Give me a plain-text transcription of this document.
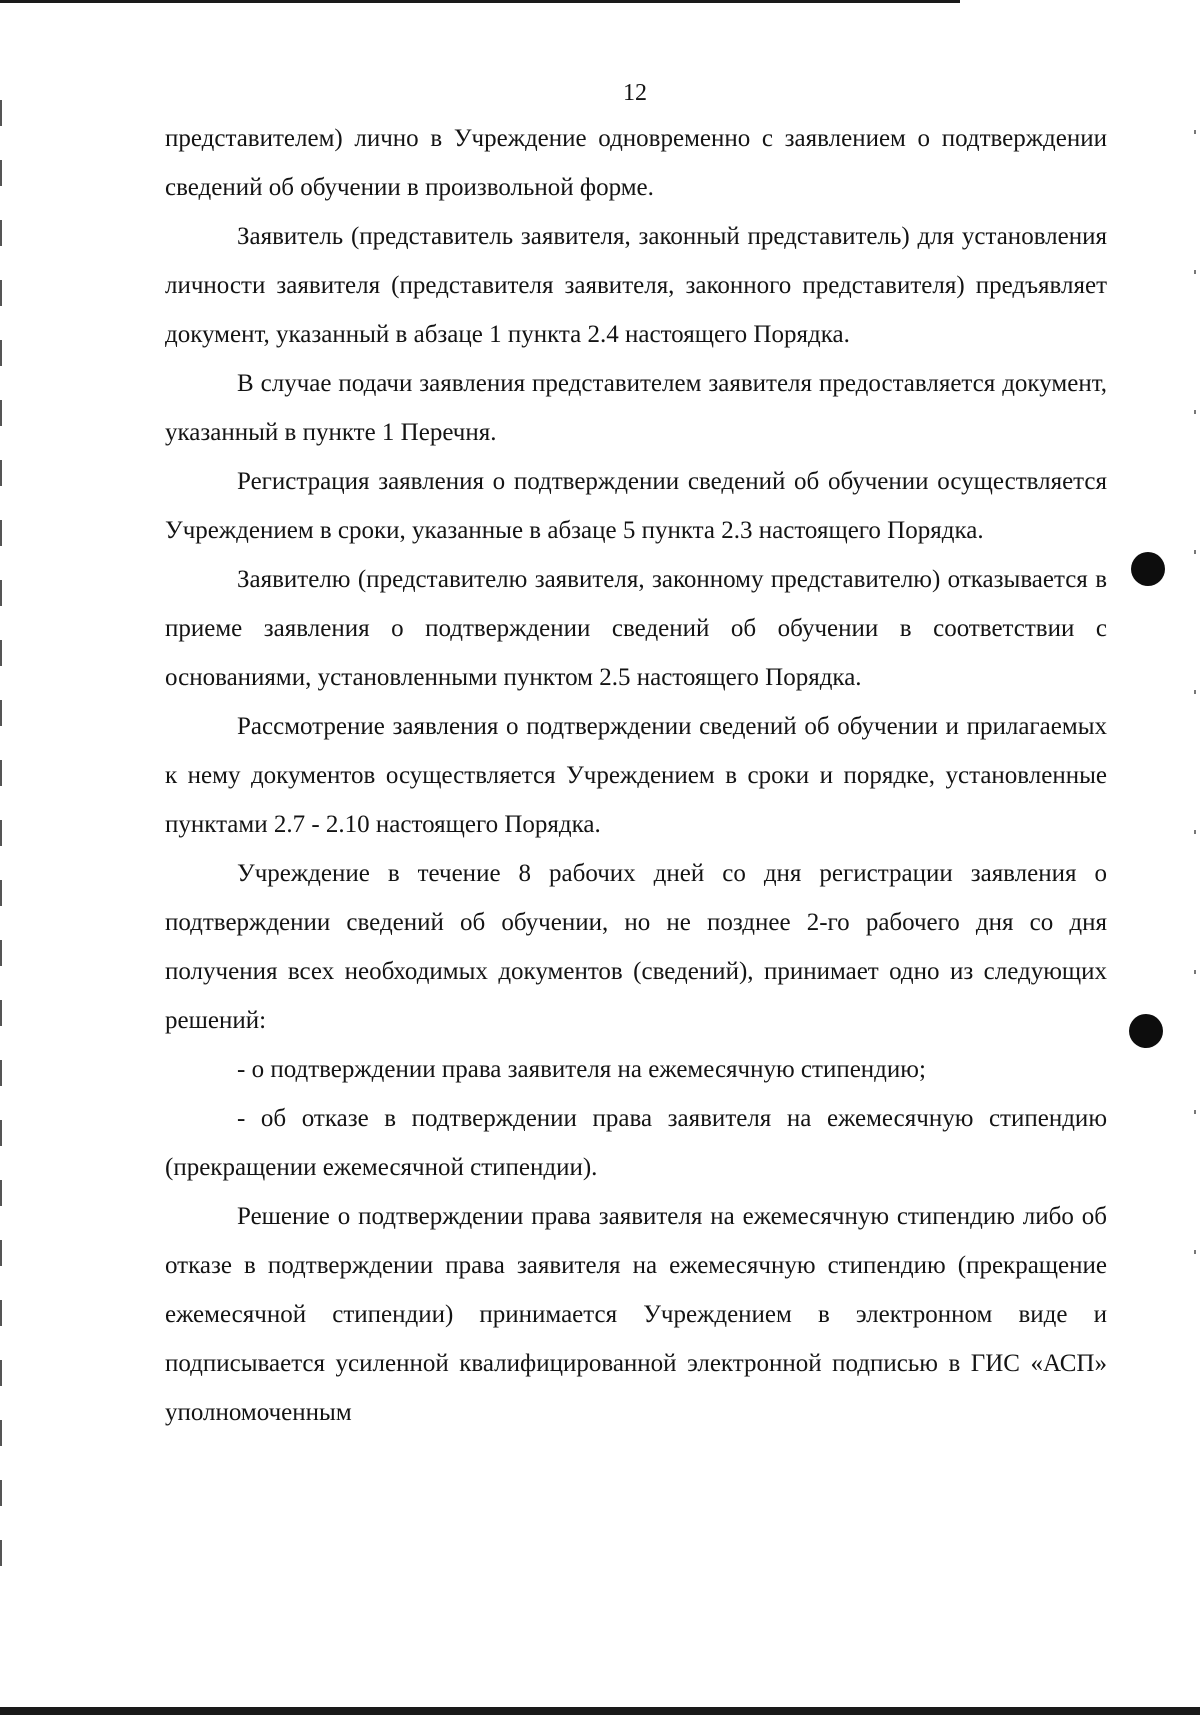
12

представителем) лично в Учреждение одновременно с заявлением о подтверждении сведений об обучении в произвольной форме.

Заявитель (представитель заявителя, законный представитель) для установления личности заявителя (представителя заявителя, законного представителя) предъявляет документ, указанный в абзаце 1 пункта 2.4 настоящего Порядка.

В случае подачи заявления представителем заявителя предоставляется документ, указанный в пункте 1 Перечня.

Регистрация заявления о подтверждении сведений об обучении осуществляется Учреждением в сроки, указанные в абзаце 5 пункта 2.3 настоящего Порядка.

Заявителю (представителю заявителя, законному представителю) отказывается в приеме заявления о подтверждении сведений об обучении в соответствии с основаниями, установленными пунктом 2.5 настоящего Порядка.

Рассмотрение заявления о подтверждении сведений об обучении и прилагаемых к нему документов осуществляется Учреждением в сроки и порядке, установленные пунктами 2.7 - 2.10 настоящего Порядка.

Учреждение в течение 8 рабочих дней со дня регистрации заявления о подтверждении сведений об обучении, но не позднее 2-го рабочего дня со дня получения всех необходимых документов (сведений), принимает одно из следующих решений:

- о подтверждении права заявителя на ежемесячную стипендию;

- об отказе в подтверждении права заявителя на ежемесячную стипендию (прекращении ежемесячной стипендии).

Решение о подтверждении права заявителя на ежемесячную стипендию либо об отказе в подтверждении права заявителя на ежемесячную стипендию (прекращение ежемесячной стипендии) принимается Учреждением в электронном виде и подписывается усиленной квалифицированной электронной подписью в ГИС «АСП» уполномоченным
